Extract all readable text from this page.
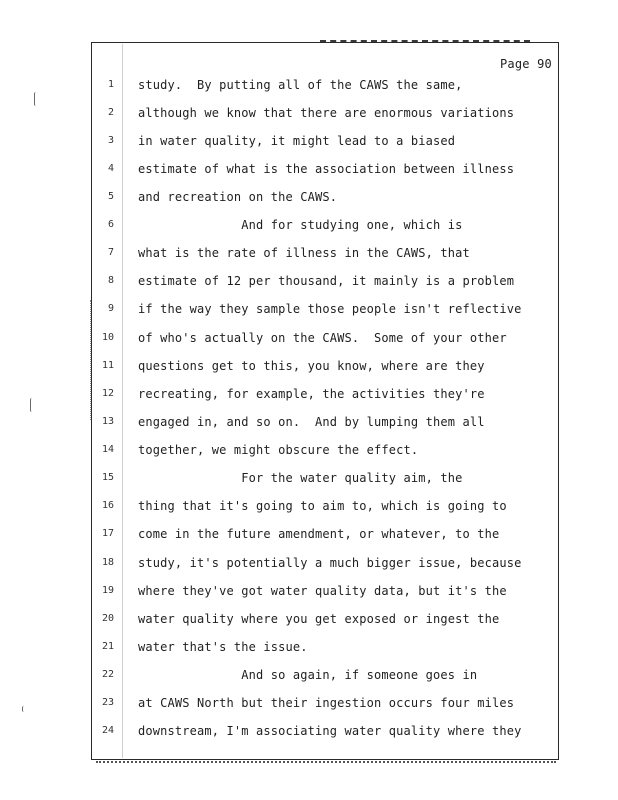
Page 90
1 study.  By putting all of the CAWS the same,
2 although we know that there are enormous variations
3 in water quality, it might lead to a biased
4 estimate of what is the association between illness
5 and recreation on the CAWS.
6 And for studying one, which is
7 what is the rate of illness in the CAWS, that
8 estimate of 12 per thousand, it mainly is a problem
9 if the way they sample those people isn't reflective
10 of who's actually on the CAWS.  Some of your other
11 questions get to this, you know, where are they
12 recreating, for example, the activities they're
13 engaged in, and so on.  And by lumping them all
14 together, we might obscure the effect.
15 For the water quality aim, the
16 thing that it's going to aim to, which is going to
17 come in the future amendment, or whatever, to the
18 study, it's potentially a much bigger issue, because
19 where they've got water quality data, but it's the
20 water quality where you get exposed or ingest the
21 water that's the issue.
22 And so again, if someone goes in
23 at CAWS North but their ingestion occurs four miles
24 downstream, I'm associating water quality where they
